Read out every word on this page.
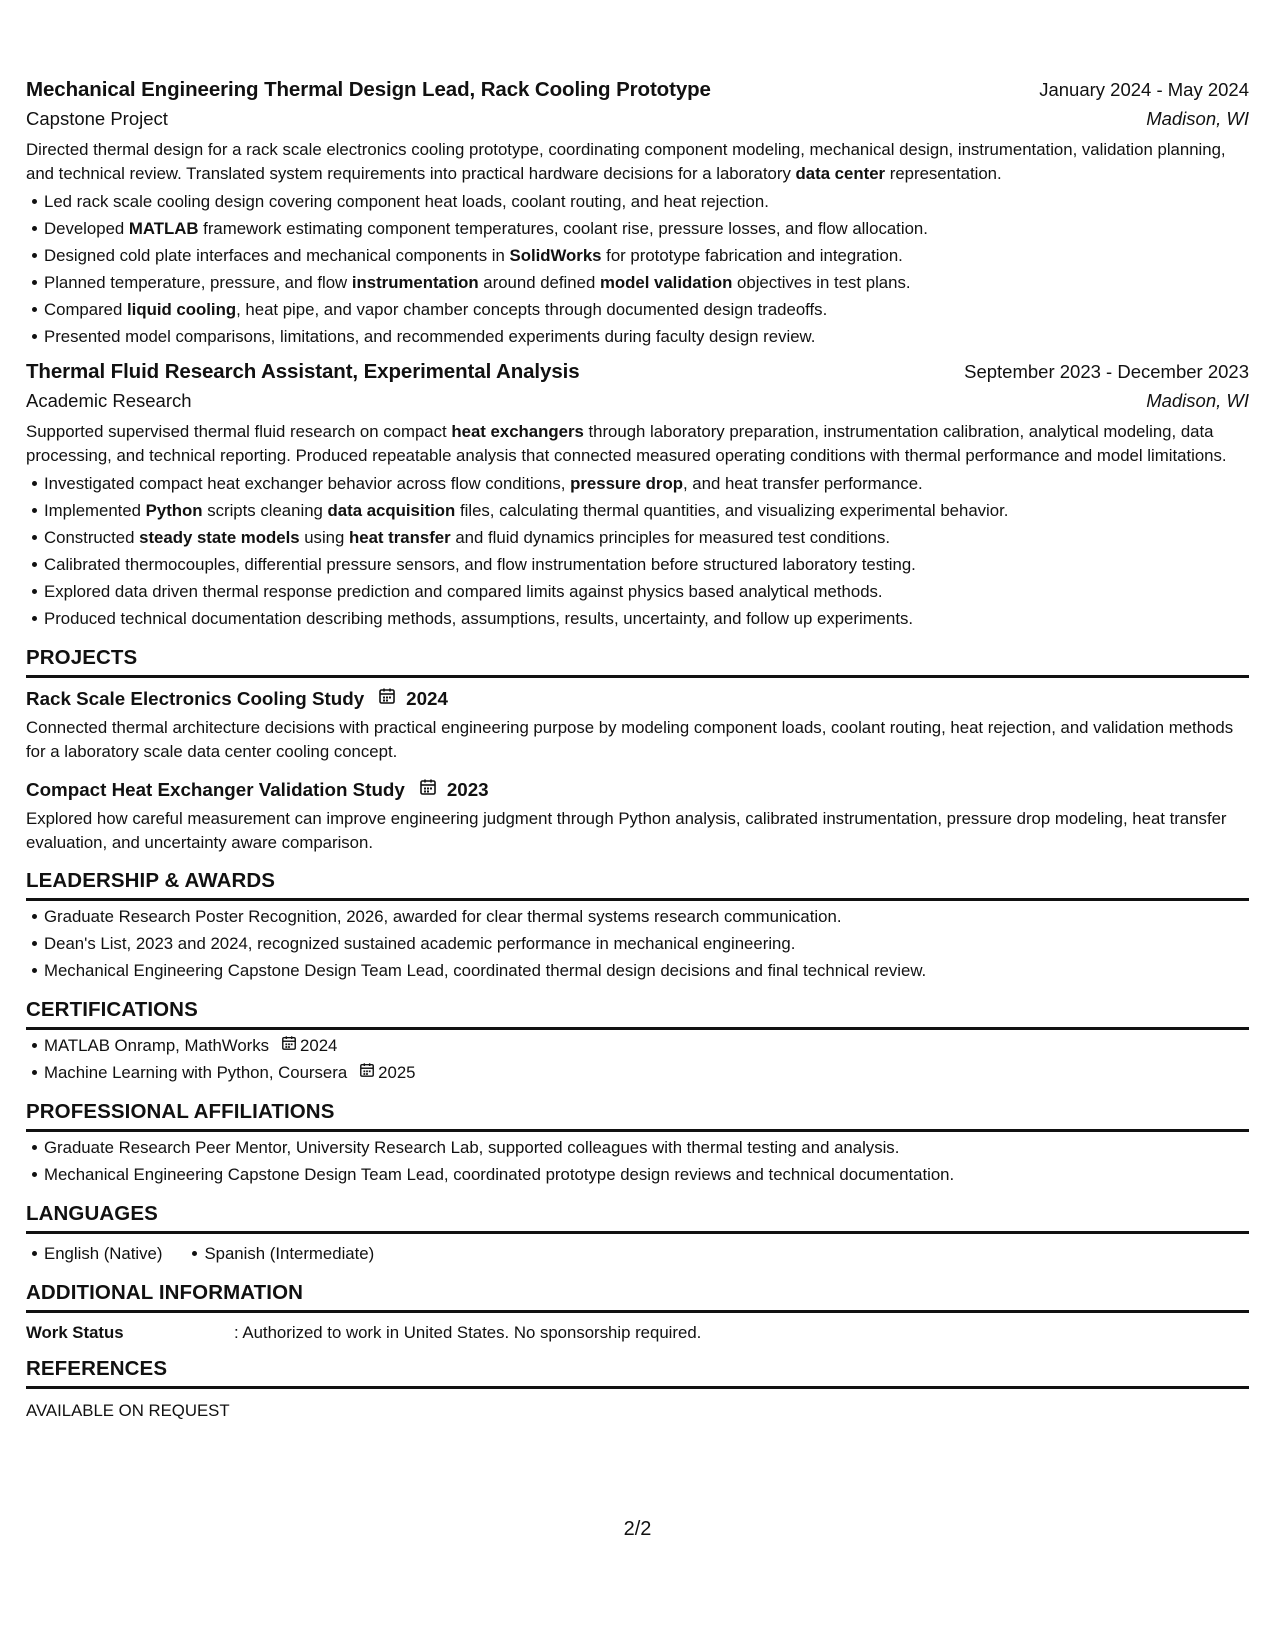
Mechanical Engineering Thermal Design Lead, Rack Cooling Prototype	January 2024 - May 2024
Capstone Project	Madison, WI
Directed thermal design for a rack scale electronics cooling prototype, coordinating component modeling, mechanical design, instrumentation, validation planning, and technical review. Translated system requirements into practical hardware decisions for a laboratory data center representation.
Led rack scale cooling design covering component heat loads, coolant routing, and heat rejection.
Developed MATLAB framework estimating component temperatures, coolant rise, pressure losses, and flow allocation.
Designed cold plate interfaces and mechanical components in SolidWorks for prototype fabrication and integration.
Planned temperature, pressure, and flow instrumentation around defined model validation objectives in test plans.
Compared liquid cooling, heat pipe, and vapor chamber concepts through documented design tradeoffs.
Presented model comparisons, limitations, and recommended experiments during faculty design review.
Thermal Fluid Research Assistant, Experimental Analysis	September 2023 - December 2023
Academic Research	Madison, WI
Supported supervised thermal fluid research on compact heat exchangers through laboratory preparation, instrumentation calibration, analytical modeling, data processing, and technical reporting. Produced repeatable analysis that connected measured operating conditions with thermal performance and model limitations.
Investigated compact heat exchanger behavior across flow conditions, pressure drop, and heat transfer performance.
Implemented Python scripts cleaning data acquisition files, calculating thermal quantities, and visualizing experimental behavior.
Constructed steady state models using heat transfer and fluid dynamics principles for measured test conditions.
Calibrated thermocouples, differential pressure sensors, and flow instrumentation before structured laboratory testing.
Explored data driven thermal response prediction and compared limits against physics based analytical methods.
Produced technical documentation describing methods, assumptions, results, uncertainty, and follow up experiments.
PROJECTS
Rack Scale Electronics Cooling Study 2024
Connected thermal architecture decisions with practical engineering purpose by modeling component loads, coolant routing, heat rejection, and validation methods for a laboratory scale data center cooling concept.
Compact Heat Exchanger Validation Study 2023
Explored how careful measurement can improve engineering judgment through Python analysis, calibrated instrumentation, pressure drop modeling, heat transfer evaluation, and uncertainty aware comparison.
LEADERSHIP & AWARDS
Graduate Research Poster Recognition, 2026, awarded for clear thermal systems research communication.
Dean's List, 2023 and 2024, recognized sustained academic performance in mechanical engineering.
Mechanical Engineering Capstone Design Team Lead, coordinated thermal design decisions and final technical review.
CERTIFICATIONS
MATLAB Onramp, MathWorks 2024
Machine Learning with Python, Coursera 2025
PROFESSIONAL AFFILIATIONS
Graduate Research Peer Mentor, University Research Lab, supported colleagues with thermal testing and analysis.
Mechanical Engineering Capstone Design Team Lead, coordinated prototype design reviews and technical documentation.
LANGUAGES
English (Native)	Spanish (Intermediate)
ADDITIONAL INFORMATION
Work Status	: Authorized to work in United States. No sponsorship required.
REFERENCES
AVAILABLE ON REQUEST
2/2
